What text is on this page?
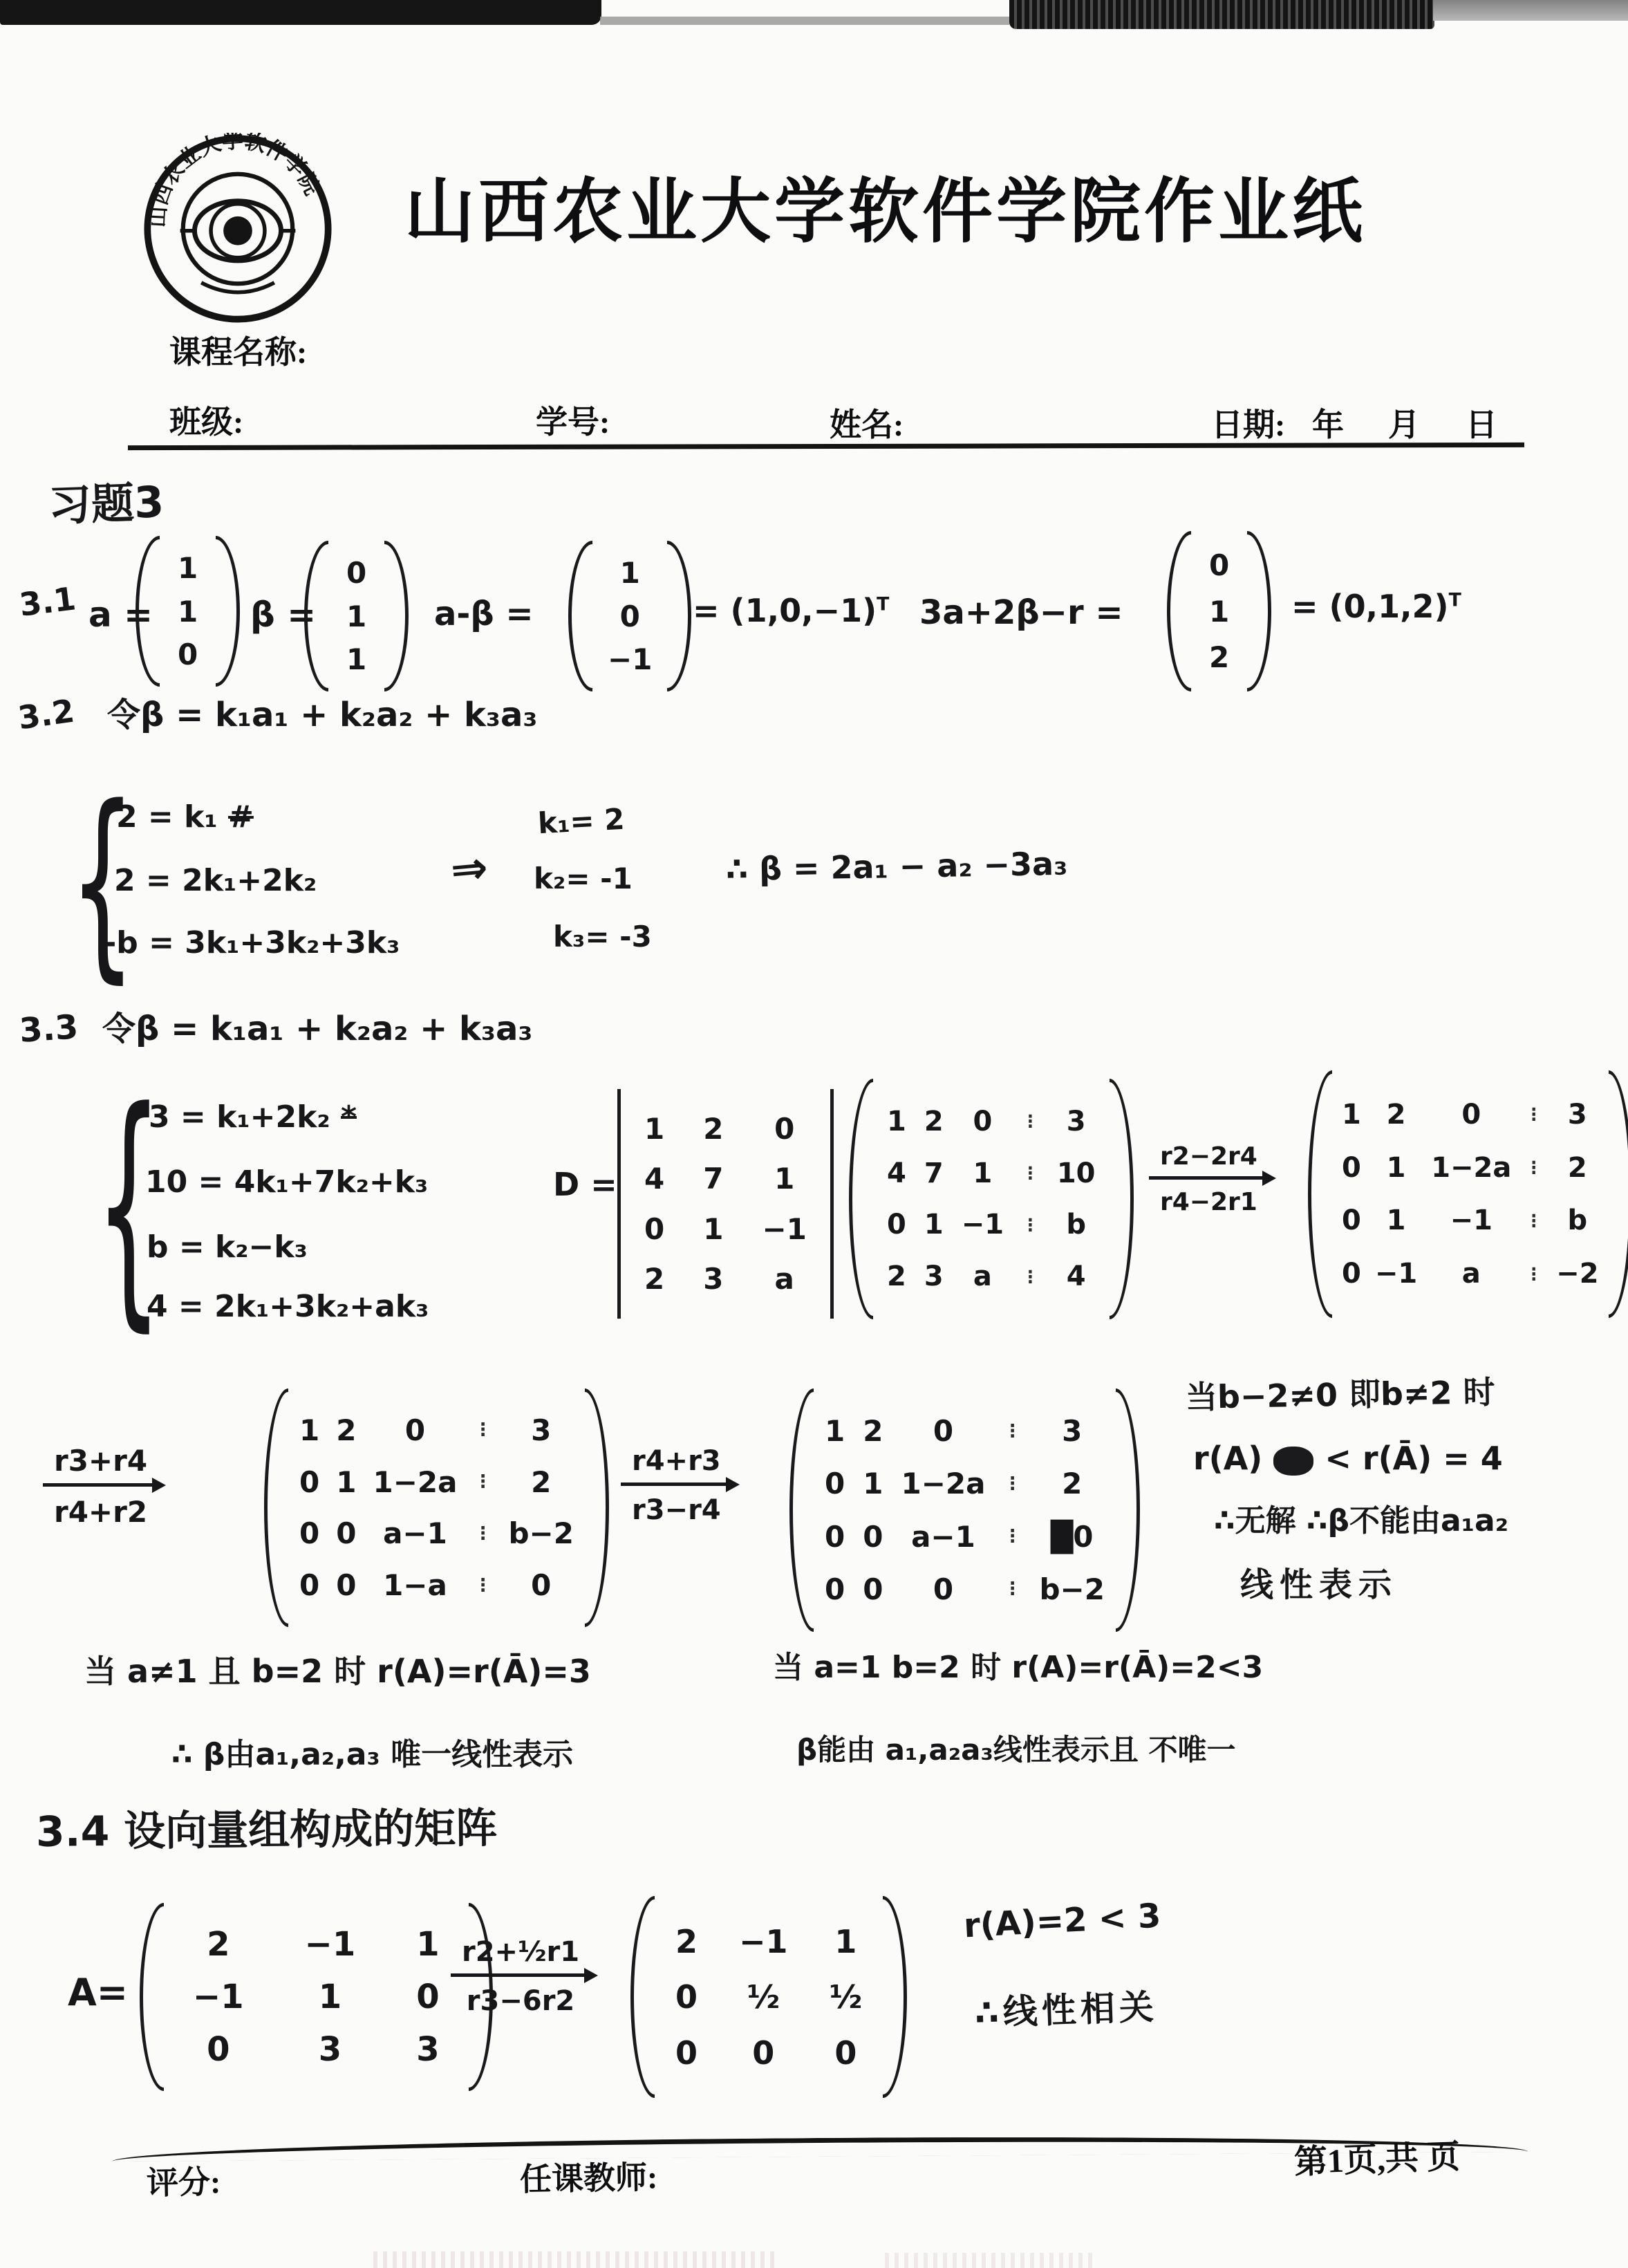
山西农业大学软件学院 山西农业大学软件学院作业纸
课程名称:
班级:	学号:	姓名:	日期: 年 月 日
习题3
3.1 a =
1
1
0
β =
0
1
1
a-β =
1
0
−1
= $(1,0,-1)^T$ 3a+2β−r =
0
1
2
= $(0,1,2)^T$
3.2 令β = k₁a₁ + k₂a₂ + k₃a₃
{
2 = k₁ #
2 = 2k₁+2k₂
-b = 3k₁+3k₂+3k₃
⇒
k₁= 2
k₂= -1
k₃= -3
∴ β = 2a₁ − a₂ −3a₃
3.3 令β = k₁a₁ + k₂a₂ + k₃a₃
{
3 = k₁+2k₂ *
10 = 4k₁+7k₂+k₃
b = k₂−k₃
4 = 2k₁+3k₂+ak₃
D =
1 2 0
4 7 1
0 1 −1
2 3 a
1 2 0 ⋮ 3
4 7 1 ⋮ 10
0 1 −1 ⋮ b
2 3 a ⋮ 4
r2−2r4
r4−2r1
1 2 0	⋮ 3
0 1 1−2a ⋮ 2
0 1 −1 ⋮ b
0 −1 a	⋮ −2
r3+r4
r4+r2
1 2 0	⋮ 3
0 1 1−2a ⋮ 2
0 0 a−1 ⋮ b−2
0 0 1−a ⋮ 0
r4+r3
r3−r4
1 2 0	⋮ 3
0 1 1−2a ⋮ 2
0 0 a−1 ⋮ █0
0 0 0	⋮ b−2
当b−2≠0 即b≠2 时
r(A) < r(Ā) = 4
∴无解 ∴β不能由a₁a₂
线性表示
当 a≠1 且 b=2 时 r(A)=r(Ā)=3
∴ β由a₁,a₂,a₃ 唯一线性表示
当 a=1 b=2 时 r(A)=r(Ā)=2<3
β能由 a₁,a₂a₃线性表示且 不唯一
3.4 设向量组构成的矩阵
A=
2 −1 1
−1 1 0
0	3 3
r2+½r1
r3−6r2
2 −1 1
0 ½ ½
0 0 0
r(A)=2 < 3
∴线性相关
评分:	任课教师:	第1页,共 页
